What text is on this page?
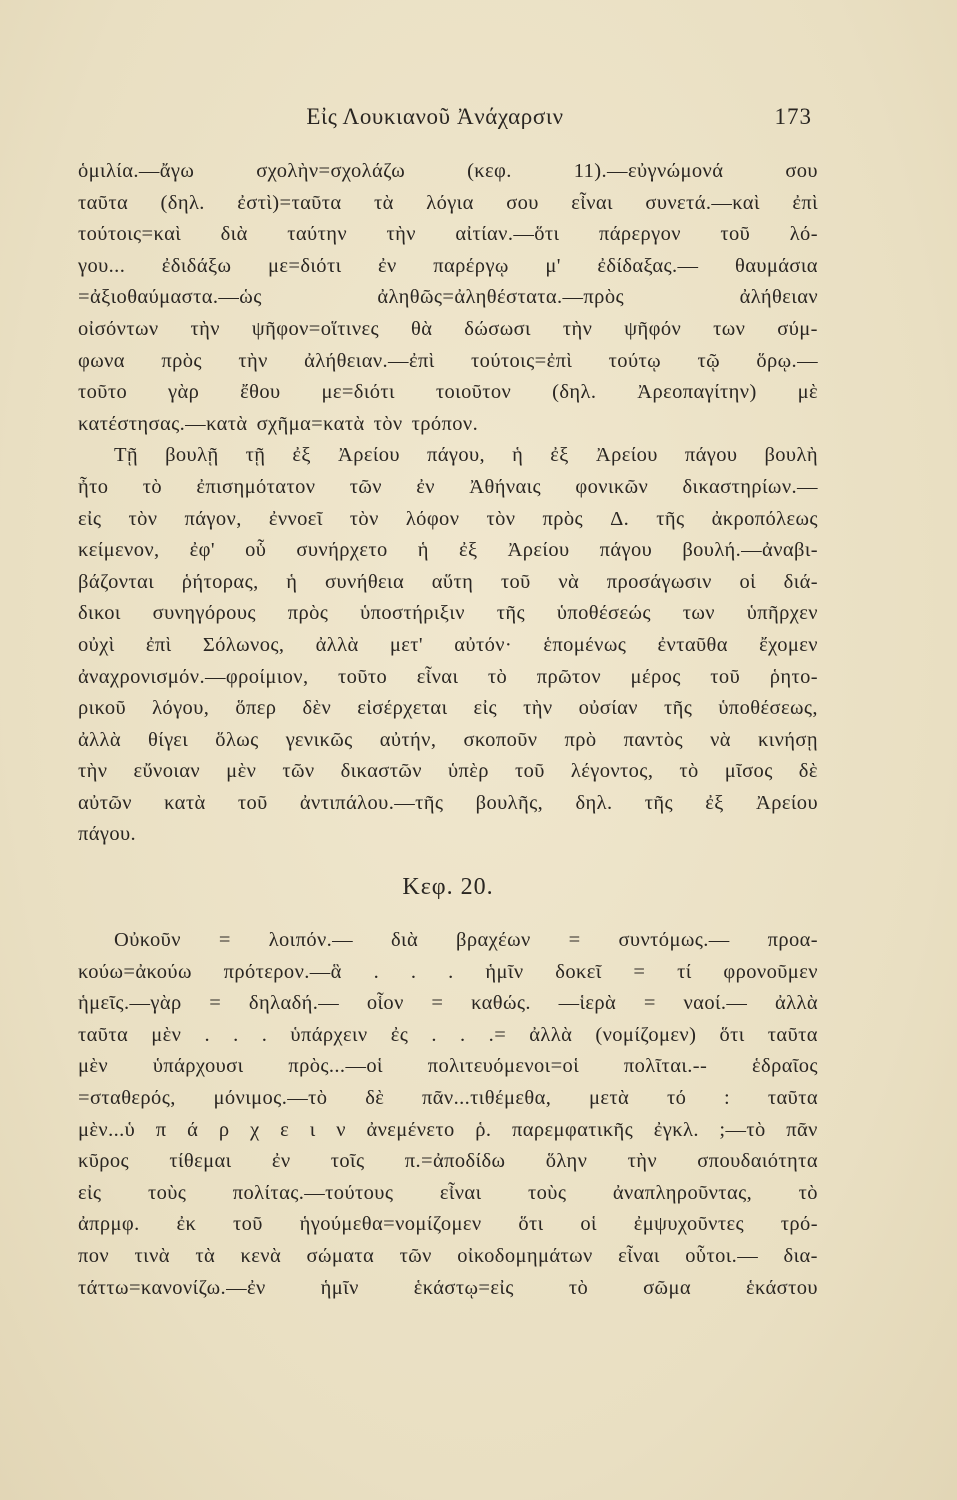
Εἰς Λουκιανοῦ Ἀνάχαρσιν	173
ὁμιλία.—ἄγω	σχολὴν=σχολάζω	(κεφ.	11).—εὐγνώμονά	σου
ταῦτα (δηλ. ἐστὶ)=ταῦτα τὰ λόγια σου εἶναι συνετά.—καὶ ἐπὶ
τούτοις=καὶ διὰ ταύτην τὴν αἰτίαν.—ὅτι πάρεργον τοῦ λό-
γου... ἐδιδάξω με=διότι ἐν παρέργῳ μ' ἐδίδαξας.— θαυμάσια
=ἀξιοθαύμαστα.—ὡς	ἀληθῶς=ἀληθέστατα.—πρὸς	ἀλήθειαν
οἰσόντων τὴν ψῆφον=οἵτινες θὰ δώσωσι τὴν ψῆφόν των σύμ-
φωνα πρὸς τὴν ἀλήθειαν.—ἐπὶ τούτοις=ἐπὶ τούτῳ τῷ ὅρῳ.—
τοῦτο γὰρ ἔθου με=διότι τοιοῦτον (δηλ. Ἀρεοπαγίτην) μὲ
κατέστησας.—κατὰ σχῆμα=κατὰ τὸν τρόπον.
Τῇ βουλῇ τῇ ἐξ Ἀρείου πάγου, ἡ ἐξ Ἀρείου πάγου βουλὴ
ἦτο τὸ ἐπισημότατον τῶν ἐν Ἀθήναις φονικῶν δικαστηρίων.—
εἰς τὸν πάγον, ἐννοεῖ τὸν λόφον τὸν πρὸς Δ. τῆς ἀκροπόλεως
κείμενον, ἐφ' οὗ συνήρχετο ἡ ἐξ Ἀρείου πάγου βουλή.—ἀναβι-
βάζονται ῥήτορας, ἡ συνήθεια αὕτη τοῦ νὰ προσάγωσιν οἱ διά-
δικοι συνηγόρους πρὸς ὑποστήριξιν τῆς ὑποθέσεώς των ὑπῆρχεν
οὐχὶ ἐπὶ Σόλωνος, ἀλλὰ μετ' αὐτόν· ἑπομένως ἐνταῦθα ἔχομεν
ἀναχρονισμόν.—φροίμιον, τοῦτο εἶναι τὸ πρῶτον μέρος τοῦ ῥητο-
ρικοῦ λόγου, ὅπερ δὲν εἰσέρχεται εἰς τὴν οὐσίαν τῆς ὑποθέσεως,
ἀλλὰ θίγει ὅλως γενικῶς αὐτήν, σκοποῦν πρὸ παντὸς νὰ κινήσῃ
τὴν εὔνοιαν μὲν τῶν δικαστῶν ὑπὲρ τοῦ λέγοντος, τὸ μῖσος δὲ
αὐτῶν κατὰ τοῦ ἀντιπάλου.—τῆς βουλῆς, δηλ. τῆς ἐξ Ἀρείου
πάγου.
Κεφ. 20.
Οὐκοῦν = λοιπόν.— διὰ βραχέων = συντόμως.— προα-
κούω=ἀκούω πρότερον.—ἃ . . . ἡμῖν δοκεῖ = τί φρονοῦμεν
ἡμεῖς.—γὰρ = δηλαδή.— οἷον = καθώς. —ἱερὰ = ναοί.— ἀλλὰ
ταῦτα μὲν . . . ὑπάρχειν ἐς . . .= ἀλλὰ (νομίζομεν) ὅτι ταῦτα
μὲν ὑπάρχουσι πρὸς...—οἱ πολιτευόμενοι=οἱ πολῖται.-- ἑδραῖος
=σταθερός, μόνιμος.—τὸ δὲ πᾶν...τιθέμεθα, μετὰ τό : ταῦτα
μὲν...ὑ π ά ρ χ ε ι ν ἀνεμένετο ῥ. παρεμφατικῆς ἐγκλ. ;—τὸ πᾶν
κῦρος τίθεμαι ἐν τοῖς π.=ἀποδίδω ὅλην τὴν σπουδαιότητα
εἰς τοὺς πολίτας.—τούτους εἶναι τοὺς ἀναπληροῦντας, τὸ
ἀπρμφ. ἐκ τοῦ ἡγούμεθα=νομίζομεν ὅτι οἱ ἐμψυχοῦντες τρό-
πον τινὰ τὰ κενὰ σώματα τῶν οἰκοδομημάτων εἶναι οὗτοι.— δια-
τάττω=κανονίζω.—ἐν	ἡμῖν	ἑκάστῳ=εἰς	τὸ	σῶμα	ἑκάστου
